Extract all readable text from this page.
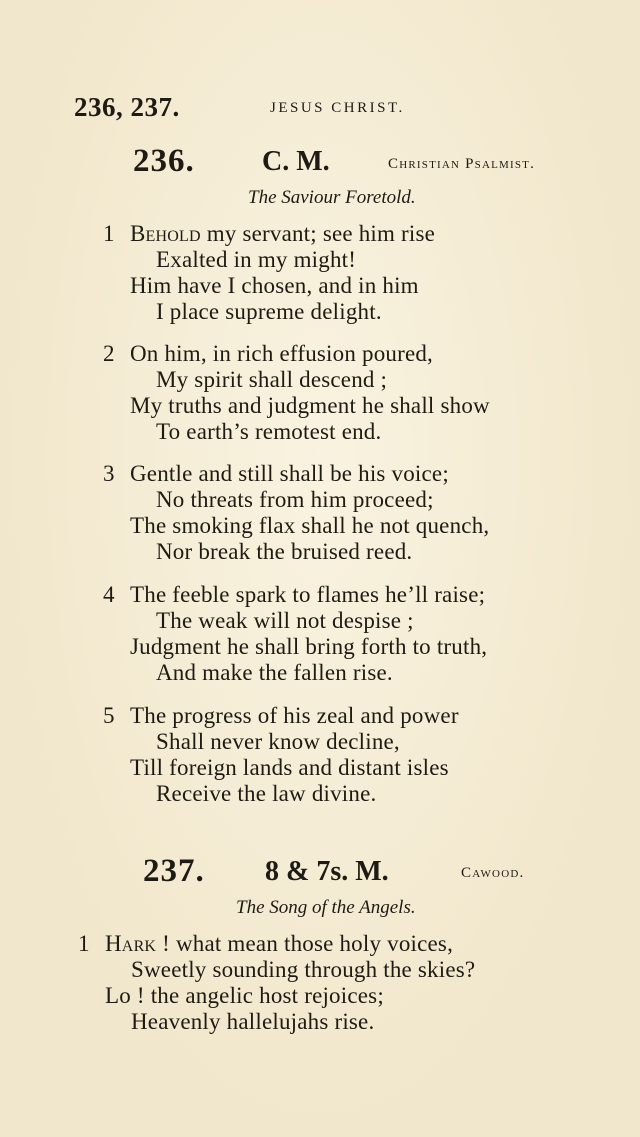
236, 237.	JESUS CHRIST.
236. C. M.	Christian Psalmist.
The Saviour Foretold.
1 Behold my servant; see him rise
Exalted in my might!
Him have I chosen, and in him
I place supreme delight.
2 On him, in rich effusion poured,
My spirit shall descend ;
My truths and judgment he shall show
To earth’s remotest end.
3 Gentle and still shall be his voice;
No threats from him proceed;
The smoking flax shall he not quench,
Nor break the bruised reed.
4 The feeble spark to flames he’ll raise;
The weak will not despise ;
Judgment he shall bring forth to truth,
And make the fallen rise.
5 The progress of his zeal and power
Shall never know decline,
Till foreign lands and distant isles
Receive the law divine.
237. 8 & 7s. M.	Cawood.
The Song of the Angels.
1 Hark ! what mean those holy voices,
Sweetly sounding through the skies?
Lo ! the angelic host rejoices;
Heavenly hallelujahs rise.
